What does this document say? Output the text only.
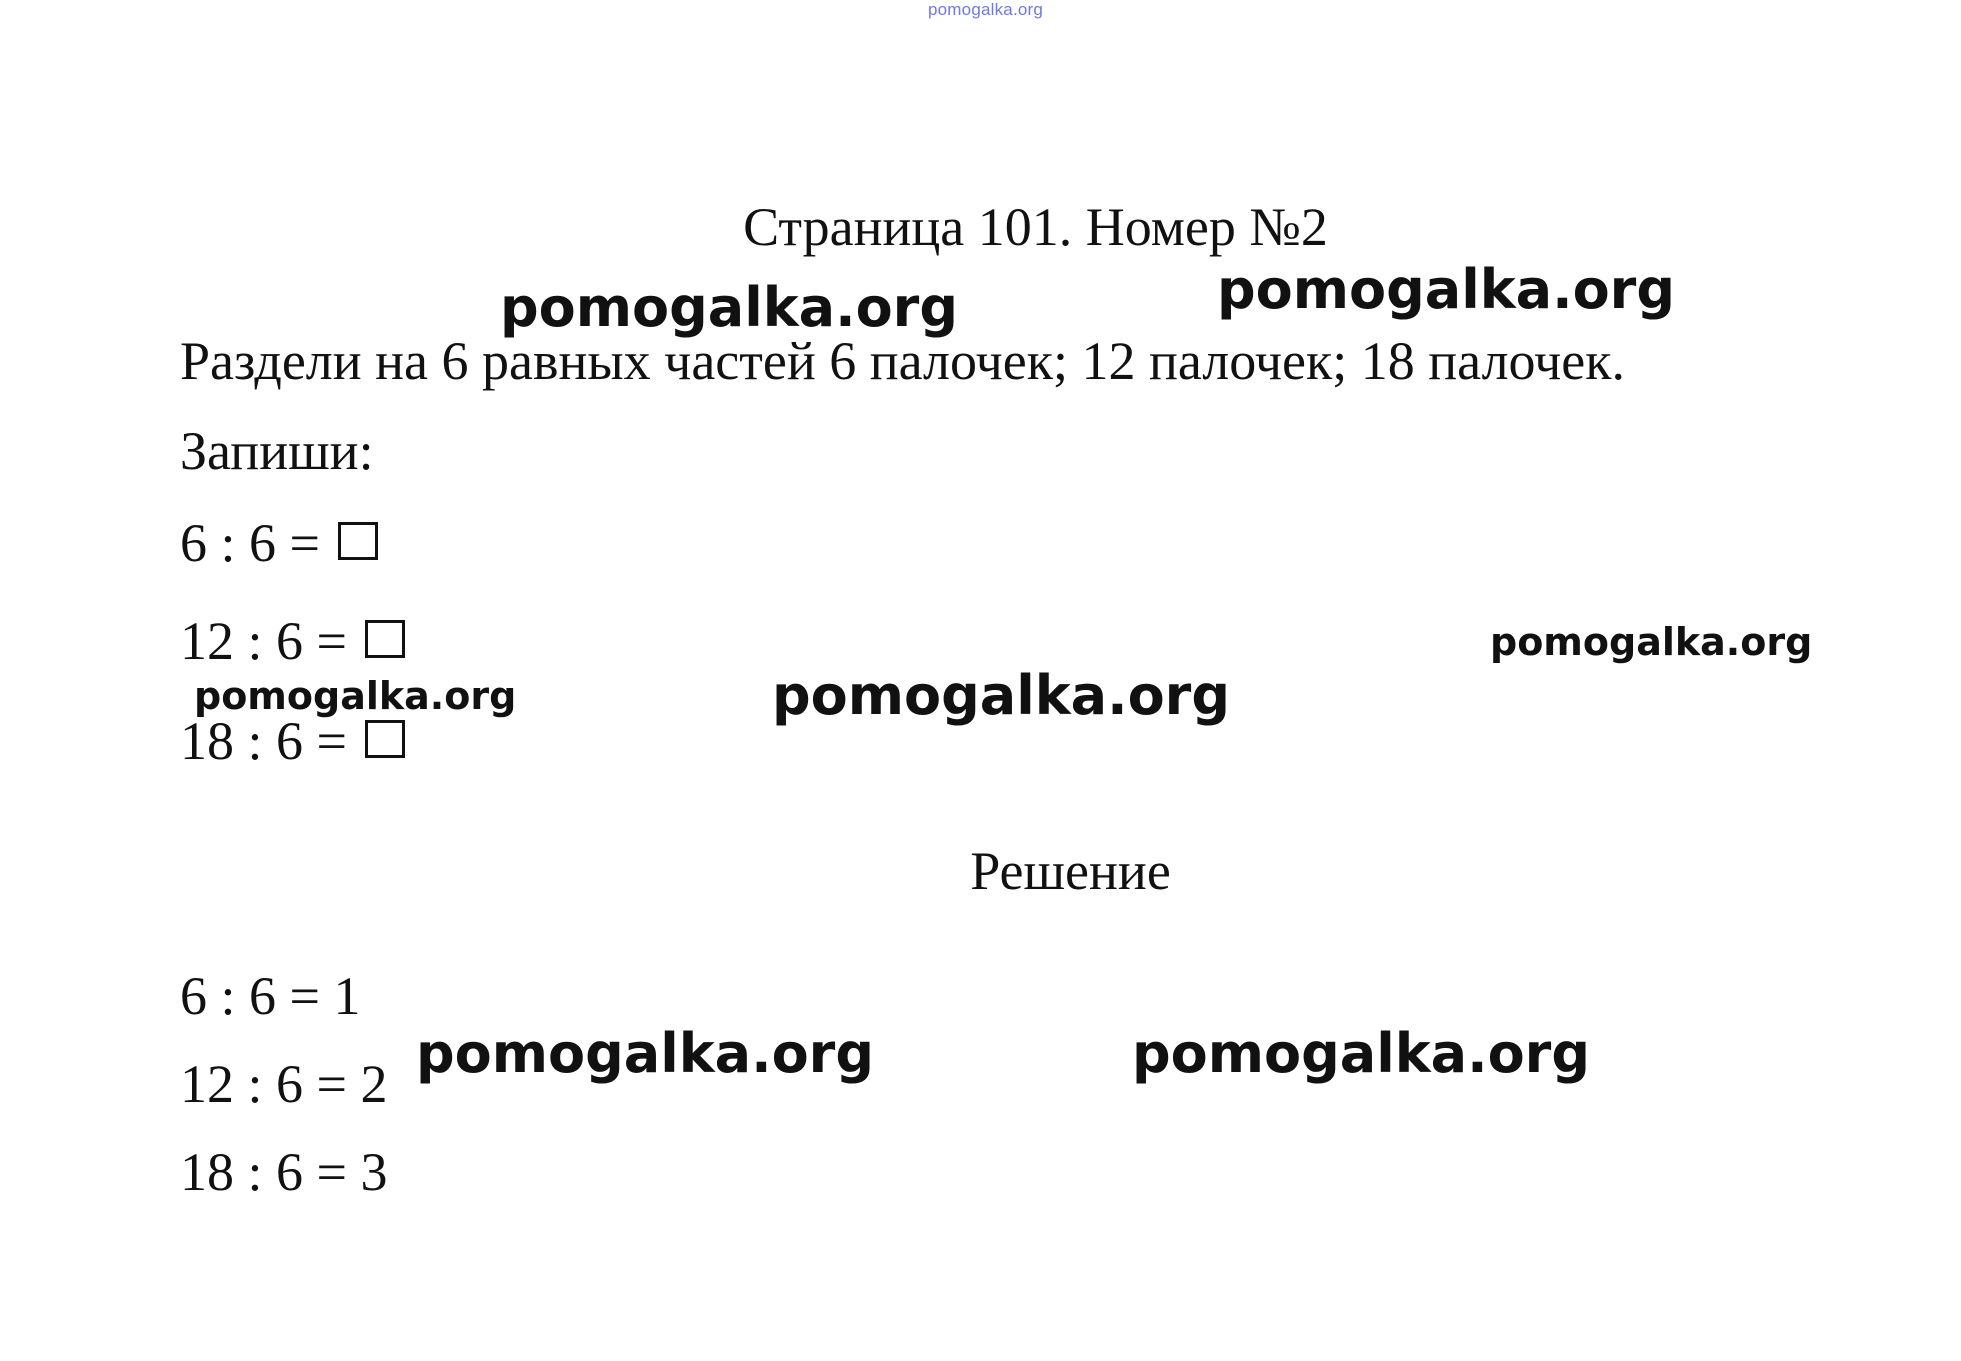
pomogalka.org
Страница 101. Номер №2
Раздели на 6 равных частей 6 палочек; 12 палочек; 18 палочек.
Запиши:
6 : 6 =
12 : 6 =
18 : 6 =
Решение
6 : 6 = 1
12 : 6 = 2
18 : 6 = 3
pomogalka.org	pomogalka.org
pomogalka.org
pomogalka.org	pomogalka.org
pomogalka.org	pomogalka.org
